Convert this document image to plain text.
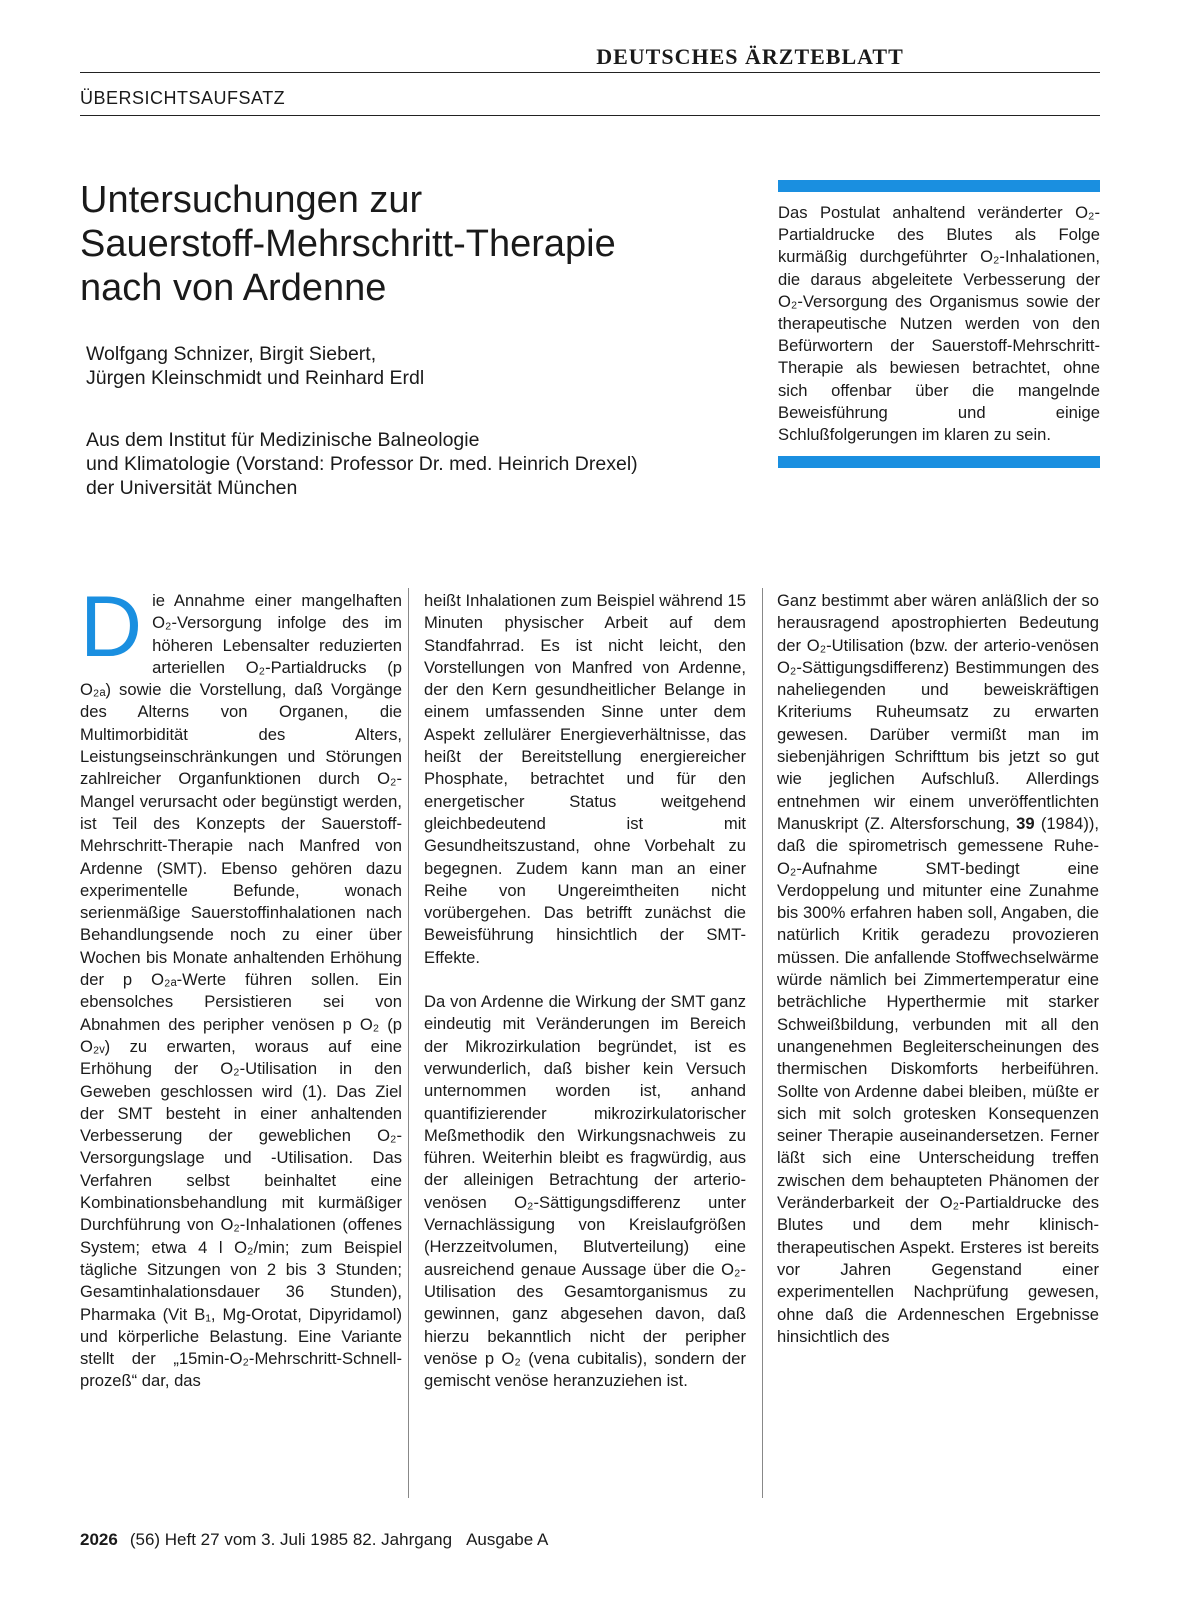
DEUTSCHES ÄRZTEBLATT
ÜBERSICHTSAUFSATZ
Untersuchungen zur
Sauerstoff-Mehrschritt-Therapie
nach von Ardenne
Wolfgang Schnizer, Birgit Siebert,
Jürgen Kleinschmidt und Reinhard Erdl
Aus dem Institut für Medizinische Balneologie
und Klimatologie (Vorstand: Professor Dr. med. Heinrich Drexel)
der Universität München

Das Postulat anhaltend veränderter O₂-Partialdrucke des Blutes als Folge kurmäßig durchgeführter O₂-Inhalationen, die daraus abgeleitete Verbesserung der O₂-Versorgung des Organismus sowie der therapeutische Nutzen werden von den Befürwortern der Sauerstoff-Mehrschritt-Therapie als bewiesen betrachtet, ohne sich offenbar über die mangelnde Beweisführung und einige Schlußfolgerungen im klaren zu sein.

Die Annahme einer mangelhaften O₂-Versorgung infolge des im höheren Lebensalter reduzierten arteriellen O₂-Partialdrucks (p O₂ₐ) sowie die Vorstellung, daß Vorgänge des Alterns von Organen, die Multimorbidität des Alters, Leistungseinschränkungen und Störungen zahlreicher Organfunktionen durch O₂-Mangel verursacht oder begünstigt werden, ist Teil des Konzepts der Sauerstoff-Mehrschritt-Therapie nach Manfred von Ardenne (SMT). Ebenso gehören dazu experimentelle Befunde, wonach serienmäßige Sauerstoffinhalationen nach Behandlungsende noch zu einer über Wochen bis Monate anhaltenden Erhöhung der p O₂ₐ-Werte führen sollen. Ein ebensolches Persistieren sei von Abnahmen des peripher venösen p O₂ (p O₂ᵥ) zu erwarten, woraus auf eine Erhöhung der O₂-Utilisation in den Geweben geschlossen wird (1). Das Ziel der SMT besteht in einer anhaltenden Verbesserung der geweblichen O₂-Versorgungslage und -Utilisation. Das Verfahren selbst beinhaltet eine Kombinationsbehandlung mit kurmäßiger Durchführung von O₂-Inhalationen (offenes System; etwa 4 l O₂/min; zum Beispiel tägliche Sitzungen von 2 bis 3 Stunden; Gesamtinhalationsdauer 36 Stunden), Pharmaka (Vit B₁, Mg-Orotat, Dipyridamol) und körperliche Belastung. Eine Variante stellt der „15min-O₂-Mehrschritt-Schnell-prozeß“ dar, das

heißt Inhalationen zum Beispiel während 15 Minuten physischer Arbeit auf dem Standfahrrad. Es ist nicht leicht, den Vorstellungen von Manfred von Ardenne, der den Kern gesundheitlicher Belange in einem umfassenden Sinne unter dem Aspekt zellulärer Energieverhältnisse, das heißt der Bereitstellung energiereicher Phosphate, betrachtet und für den energetischer Status weitgehend gleichbedeutend ist mit Gesundheitszustand, ohne Vorbehalt zu begegnen. Zudem kann man an einer Reihe von Ungereimtheiten nicht vorübergehen. Das betrifft zunächst die Beweisführung hinsichtlich der SMT-Effekte.

Da von Ardenne die Wirkung der SMT ganz eindeutig mit Veränderungen im Bereich der Mikrozirkulation begründet, ist es verwunderlich, daß bisher kein Versuch unternommen worden ist, anhand quantifizierender mikrozirkulatorischer Meßmethodik den Wirkungsnachweis zu führen. Weiterhin bleibt es fragwürdig, aus der alleinigen Betrachtung der arterio-venösen O₂-Sättigungsdifferenz unter Vernachlässigung von Kreislaufgrößen (Herzzeitvolumen, Blutverteilung) eine ausreichend genaue Aussage über die O₂-Utilisation des Gesamtorganismus zu gewinnen, ganz abgesehen davon, daß hierzu bekanntlich nicht der peripher venöse p O₂ (vena cubitalis), sondern der gemischt venöse heranzuziehen ist.

Ganz bestimmt aber wären anläßlich der so herausragend apostrophierten Bedeutung der O₂-Utilisation (bzw. der arterio-venösen O₂-Sättigungsdifferenz) Bestimmungen des naheliegenden und beweiskräftigen Kriteriums Ruheumsatz zu erwarten gewesen. Darüber vermißt man im siebenjährigen Schrifttum bis jetzt so gut wie jeglichen Aufschluß. Allerdings entnehmen wir einem unveröffentlichten Manuskript (Z. Altersforschung, 39 (1984)), daß die spirometrisch gemessene Ruhe-O₂-Aufnahme SMT-bedingt eine Verdoppelung und mitunter eine Zunahme bis 300% erfahren haben soll, Angaben, die natürlich Kritik geradezu provozieren müssen. Die anfallende Stoffwechselwärme würde nämlich bei Zimmertemperatur eine beträchliche Hyperthermie mit starker Schweißbildung, verbunden mit all den unangenehmen Begleiterscheinungen des thermischen Diskomforts herbeiführen. Sollte von Ardenne dabei bleiben, müßte er sich mit solch grotesken Konsequenzen seiner Therapie auseinandersetzen. Ferner läßt sich eine Unterscheidung treffen zwischen dem behaupteten Phänomen der Veränderbarkeit der O₂-Partialdrucke des Blutes und dem mehr klinisch-therapeutischen Aspekt. Ersteres ist bereits vor Jahren Gegenstand einer experimentellen Nachprüfung gewesen, ohne daß die Ardenneschen Ergebnisse hinsichtlich des

2026 (56) Heft 27 vom 3. Juli 1985 82. Jahrgang Ausgabe A
